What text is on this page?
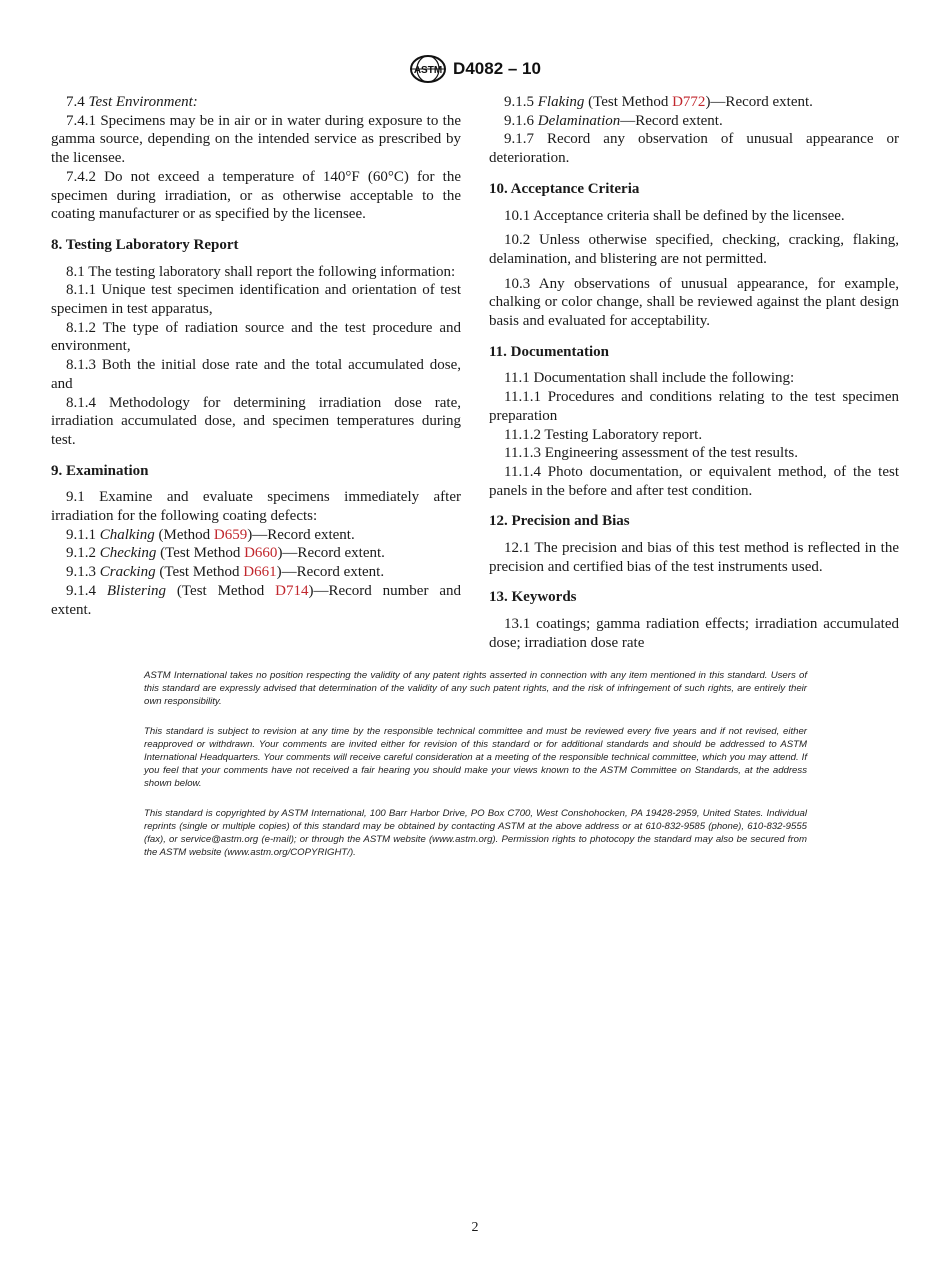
ASTM D4082 – 10

7.4 Test Environment:

7.4.1 Specimens may be in air or in water during exposure to the gamma source, depending on the intended service as prescribed by the licensee.

7.4.2 Do not exceed a temperature of 140°F (60°C) for the specimen during irradiation, or as otherwise acceptable to the coating manufacturer or as specified by the licensee.

8. Testing Laboratory Report

8.1 The testing laboratory shall report the following information:

8.1.1 Unique test specimen identification and orientation of test specimen in test apparatus,

8.1.2 The type of radiation source and the test procedure and environment,

8.1.3 Both the initial dose rate and the total accumulated dose, and

8.1.4 Methodology for determining irradiation dose rate, irradiation accumulated dose, and specimen temperatures during test.

9. Examination

9.1 Examine and evaluate specimens immediately after irradiation for the following coating defects:

9.1.1 Chalking (Method D659)—Record extent.

9.1.2 Checking (Test Method D660)—Record extent.

9.1.3 Cracking (Test Method D661)—Record extent.

9.1.4 Blistering (Test Method D714)—Record number and extent.

9.1.5 Flaking (Test Method D772)—Record extent.

9.1.6 Delamination—Record extent.

9.1.7 Record any observation of unusual appearance or deterioration.

10. Acceptance Criteria

10.1 Acceptance criteria shall be defined by the licensee.

10.2 Unless otherwise specified, checking, cracking, flaking, delamination, and blistering are not permitted.

10.3 Any observations of unusual appearance, for example, chalking or color change, shall be reviewed against the plant design basis and evaluated for acceptability.

11. Documentation

11.1 Documentation shall include the following:

11.1.1 Procedures and conditions relating to the test specimen preparation

11.1.2 Testing Laboratory report.

11.1.3 Engineering assessment of the test results.

11.1.4 Photo documentation, or equivalent method, of the test panels in the before and after test condition.

12. Precision and Bias

12.1 The precision and bias of this test method is reflected in the precision and certified bias of the test instruments used.

13. Keywords

13.1 coatings; gamma radiation effects; irradiation accumulated dose; irradiation dose rate

ASTM International takes no position respecting the validity of any patent rights asserted in connection with any item mentioned in this standard. Users of this standard are expressly advised that determination of the validity of any such patent rights, and the risk of infringement of such rights, are entirely their own responsibility.

This standard is subject to revision at any time by the responsible technical committee and must be reviewed every five years and if not revised, either reapproved or withdrawn. Your comments are invited either for revision of this standard or for additional standards and should be addressed to ASTM International Headquarters. Your comments will receive careful consideration at a meeting of the responsible technical committee, which you may attend. If you feel that your comments have not received a fair hearing you should make your views known to the ASTM Committee on Standards, at the address shown below.

This standard is copyrighted by ASTM International, 100 Barr Harbor Drive, PO Box C700, West Conshohocken, PA 19428-2959, United States. Individual reprints (single or multiple copies) of this standard may be obtained by contacting ASTM at the above address or at 610-832-9585 (phone), 610-832-9555 (fax), or service@astm.org (e-mail); or through the ASTM website (www.astm.org). Permission rights to photocopy the standard may also be secured from the ASTM website (www.astm.org/COPYRIGHT/).

2
